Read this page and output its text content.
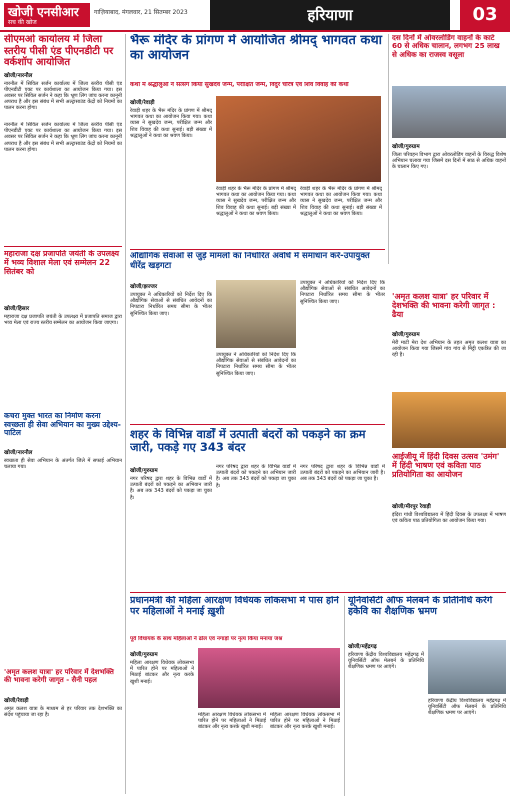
खोजी एनसीआर
सच की खोज
गाज़ियाबाद, मंगलवार, 21 सितम्बर 2023	हरियाणा	03
सीएमओ कार्यालय में जिला स्तरीय पीसी एंड पीएनडीटी पर वर्कशॉप आयोजित
खोजी/नारनौल
नारनौल में सिविल सर्जन कार्यालय में जिला स्तरीय पीसी एंड पीएनडीटी एक्ट पर कार्यशाला का आयोजन किया गया। इस अवसर पर सिविल सर्जन ने कहा कि भ्रूण लिंग जांच करना कानूनी अपराध है और इस संबंध में सभी अल्ट्रासाउंड केंद्रों को नियमों का पालन करना होगा।
नारनौल में सिविल सर्जन कार्यालय में जिला स्तरीय पीसी एंड पीएनडीटी एक्ट पर कार्यशाला का आयोजन किया गया। इस अवसर पर सिविल सर्जन ने कहा कि भ्रूण लिंग जांच करना कानूनी अपराध है और इस संबंध में सभी अल्ट्रासाउंड केंद्रों को नियमों का पालन करना होगा।
महाराजा दक्ष प्रजापति जयंती के उपलक्ष्य में भव्य विशाल मेला एवं सम्मेलन 22 सितंबर को
खोजी/हिसार
महाराजा दक्ष प्रजापति जयंती के उपलक्ष्य में प्रजापति समाज द्वारा भव्य मेला एवं राज्य स्तरीय सम्मेलन का आयोजन किया जाएगा।
कचरा मुक्त भारत का निर्माण करना स्वच्छता ही सेवा अभियान का मुख्य उद्देश्य-पाटिल
खोजी/नारनौल
स्वच्छता ही सेवा अभियान के अंतर्गत जिले में सफाई अभियान चलाया गया।
'अमृत कलश यात्रा' हर परिवार में देशभक्ति की भावना करेगी जागृत - सैनी पहल
खोजी/रेवाड़ी
अमृत कलश यात्रा के माध्यम से हर परिवार तक देशभक्ति का संदेश पहुंचाया जा रहा है।
भैरू मंदिर के प्रांगण में आयोजित श्रीमद् भागवत कथा का आयोजन
कथा में श्रद्धालुओं ने सत्संग किया सुखदेव जन्म, परीक्षित जन्म, विदुर चरित्र एवं शिव विवाह की कथा
खोजी/रेवाड़ी
रेवाड़ी शहर के भैरू मंदिर के प्रांगण में श्रीमद् भागवत कथा का आयोजन किया गया। कथा व्यास ने सुखदेव जन्म, परीक्षित जन्म और शिव विवाह की कथा सुनाई। बड़ी संख्या में श्रद्धालुओं ने कथा का श्रवण किया।
रेवाड़ी शहर के भैरू मंदिर के प्रांगण में श्रीमद् भागवत कथा का आयोजन किया गया। कथा व्यास ने सुखदेव जन्म, परीक्षित जन्म और शिव विवाह की कथा सुनाई। बड़ी संख्या में श्रद्धालुओं ने कथा का श्रवण किया।
रेवाड़ी शहर के भैरू मंदिर के प्रांगण में श्रीमद् भागवत कथा का आयोजन किया गया। कथा व्यास ने सुखदेव जन्म, परीक्षित जन्म और शिव विवाह की कथा सुनाई। बड़ी संख्या में श्रद्धालुओं ने कथा का श्रवण किया।
दस दिनों में ओवरलोडिंग वाहनों के काटे 60 से अधिक चालान, लगभग 25 लाख से अधिक का राजस्व वसूला
खोजी/गुरुग्राम
जिला परिवहन विभाग द्वारा ओवरलोडिंग वाहनों के विरुद्ध विशेष अभियान चलाया गया जिसमें दस दिनों में साठ से अधिक वाहनों के चालान किए गए।
औद्योगिक सेवाओं से जुड़े मामलों का निर्धारित अवधि में समाधान करें-उपायुक्त धीरेंद्र खड़गटा
खोजी/झज्जर
उपायुक्त ने अधिकारियों को निर्देश दिए कि औद्योगिक सेवाओं से संबंधित आवेदनों का निपटारा निर्धारित समय सीमा के भीतर सुनिश्चित किया जाए।
उपायुक्त ने अधिकारियों को निर्देश दिए कि औद्योगिक सेवाओं से संबंधित आवेदनों का निपटारा निर्धारित समय सीमा के भीतर सुनिश्चित किया जाए।
उपायुक्त ने अधिकारियों को निर्देश दिए कि औद्योगिक सेवाओं से संबंधित आवेदनों का निपटारा निर्धारित समय सीमा के भीतर सुनिश्चित किया जाए।
'अमृत कलश यात्रा' हर परिवार में देशभक्ति की भावना करेगी जागृत : ढैया
खोजी/गुरुग्राम
मेरी माटी मेरा देश अभियान के तहत अमृत कलश यात्रा का आयोजन किया गया जिसमें गांव गांव से मिट्टी एकत्रित की जा रही है।
शहर के विभिन्न वार्डों में उत्पाती बंदरों को पकड़ने का क्रम जारी, पकड़े गए 343 बंदर
खोजी/गुरुग्राम
नगर परिषद द्वारा शहर के विभिन्न वार्डों में उत्पाती बंदरों को पकड़ने का अभियान जारी है। अब तक 343 बंदरों को पकड़ा जा चुका है।
नगर परिषद द्वारा शहर के विभिन्न वार्डों में उत्पाती बंदरों को पकड़ने का अभियान जारी है। अब तक 343 बंदरों को पकड़ा जा चुका है।
नगर परिषद द्वारा शहर के विभिन्न वार्डों में उत्पाती बंदरों को पकड़ने का अभियान जारी है। अब तक 343 बंदरों को पकड़ा जा चुका है।
आईजीयू में हिंदी दिवस उत्सव 'उमंग' में हिंदी भाषण एवं कविता पाठ प्रतियोगिता का आयोजन
खोजी/मीरपुर रेवाड़ी
इंदिरा गांधी विश्वविद्यालय में हिंदी दिवस के उपलक्ष्य में भाषण एवं कविता पाठ प्रतियोगिता का आयोजन किया गया।
प्रधानमंत्री की महिला आरक्षण विधेयक लोकसभा में पास होने पर महिलाओं ने मनाई ख़ुशी
पूर्व विधायक के साथ महिलाओं ने ढोल एवं नगाड़ों पर नृत्य किया मनाया जश्न
खोजी/गुरुग्राम
महिला आरक्षण विधेयक लोकसभा में पारित होने पर महिलाओं ने मिठाई बांटकर और नृत्य करके खुशी मनाई।
महिला आरक्षण विधेयक लोकसभा में पारित होने पर महिलाओं ने मिठाई बांटकर और नृत्य करके खुशी मनाई।
महिला आरक्षण विधेयक लोकसभा में पारित होने पर महिलाओं ने मिठाई बांटकर और नृत्य करके खुशी मनाई।
यूनिवर्सिटी ऑफ मेलबर्न के प्रतिनिधि करेंगे हकेवि का शैक्षणिक भ्रमण
खोजी/महेंद्रगढ़
हरियाणा केंद्रीय विश्वविद्यालय महेंद्रगढ़ में यूनिवर्सिटी ऑफ मेलबर्न के प्रतिनिधि शैक्षणिक भ्रमण पर आएंगे।
हरियाणा केंद्रीय विश्वविद्यालय महेंद्रगढ़ में यूनिवर्सिटी ऑफ मेलबर्न के प्रतिनिधि शैक्षणिक भ्रमण पर आएंगे।
